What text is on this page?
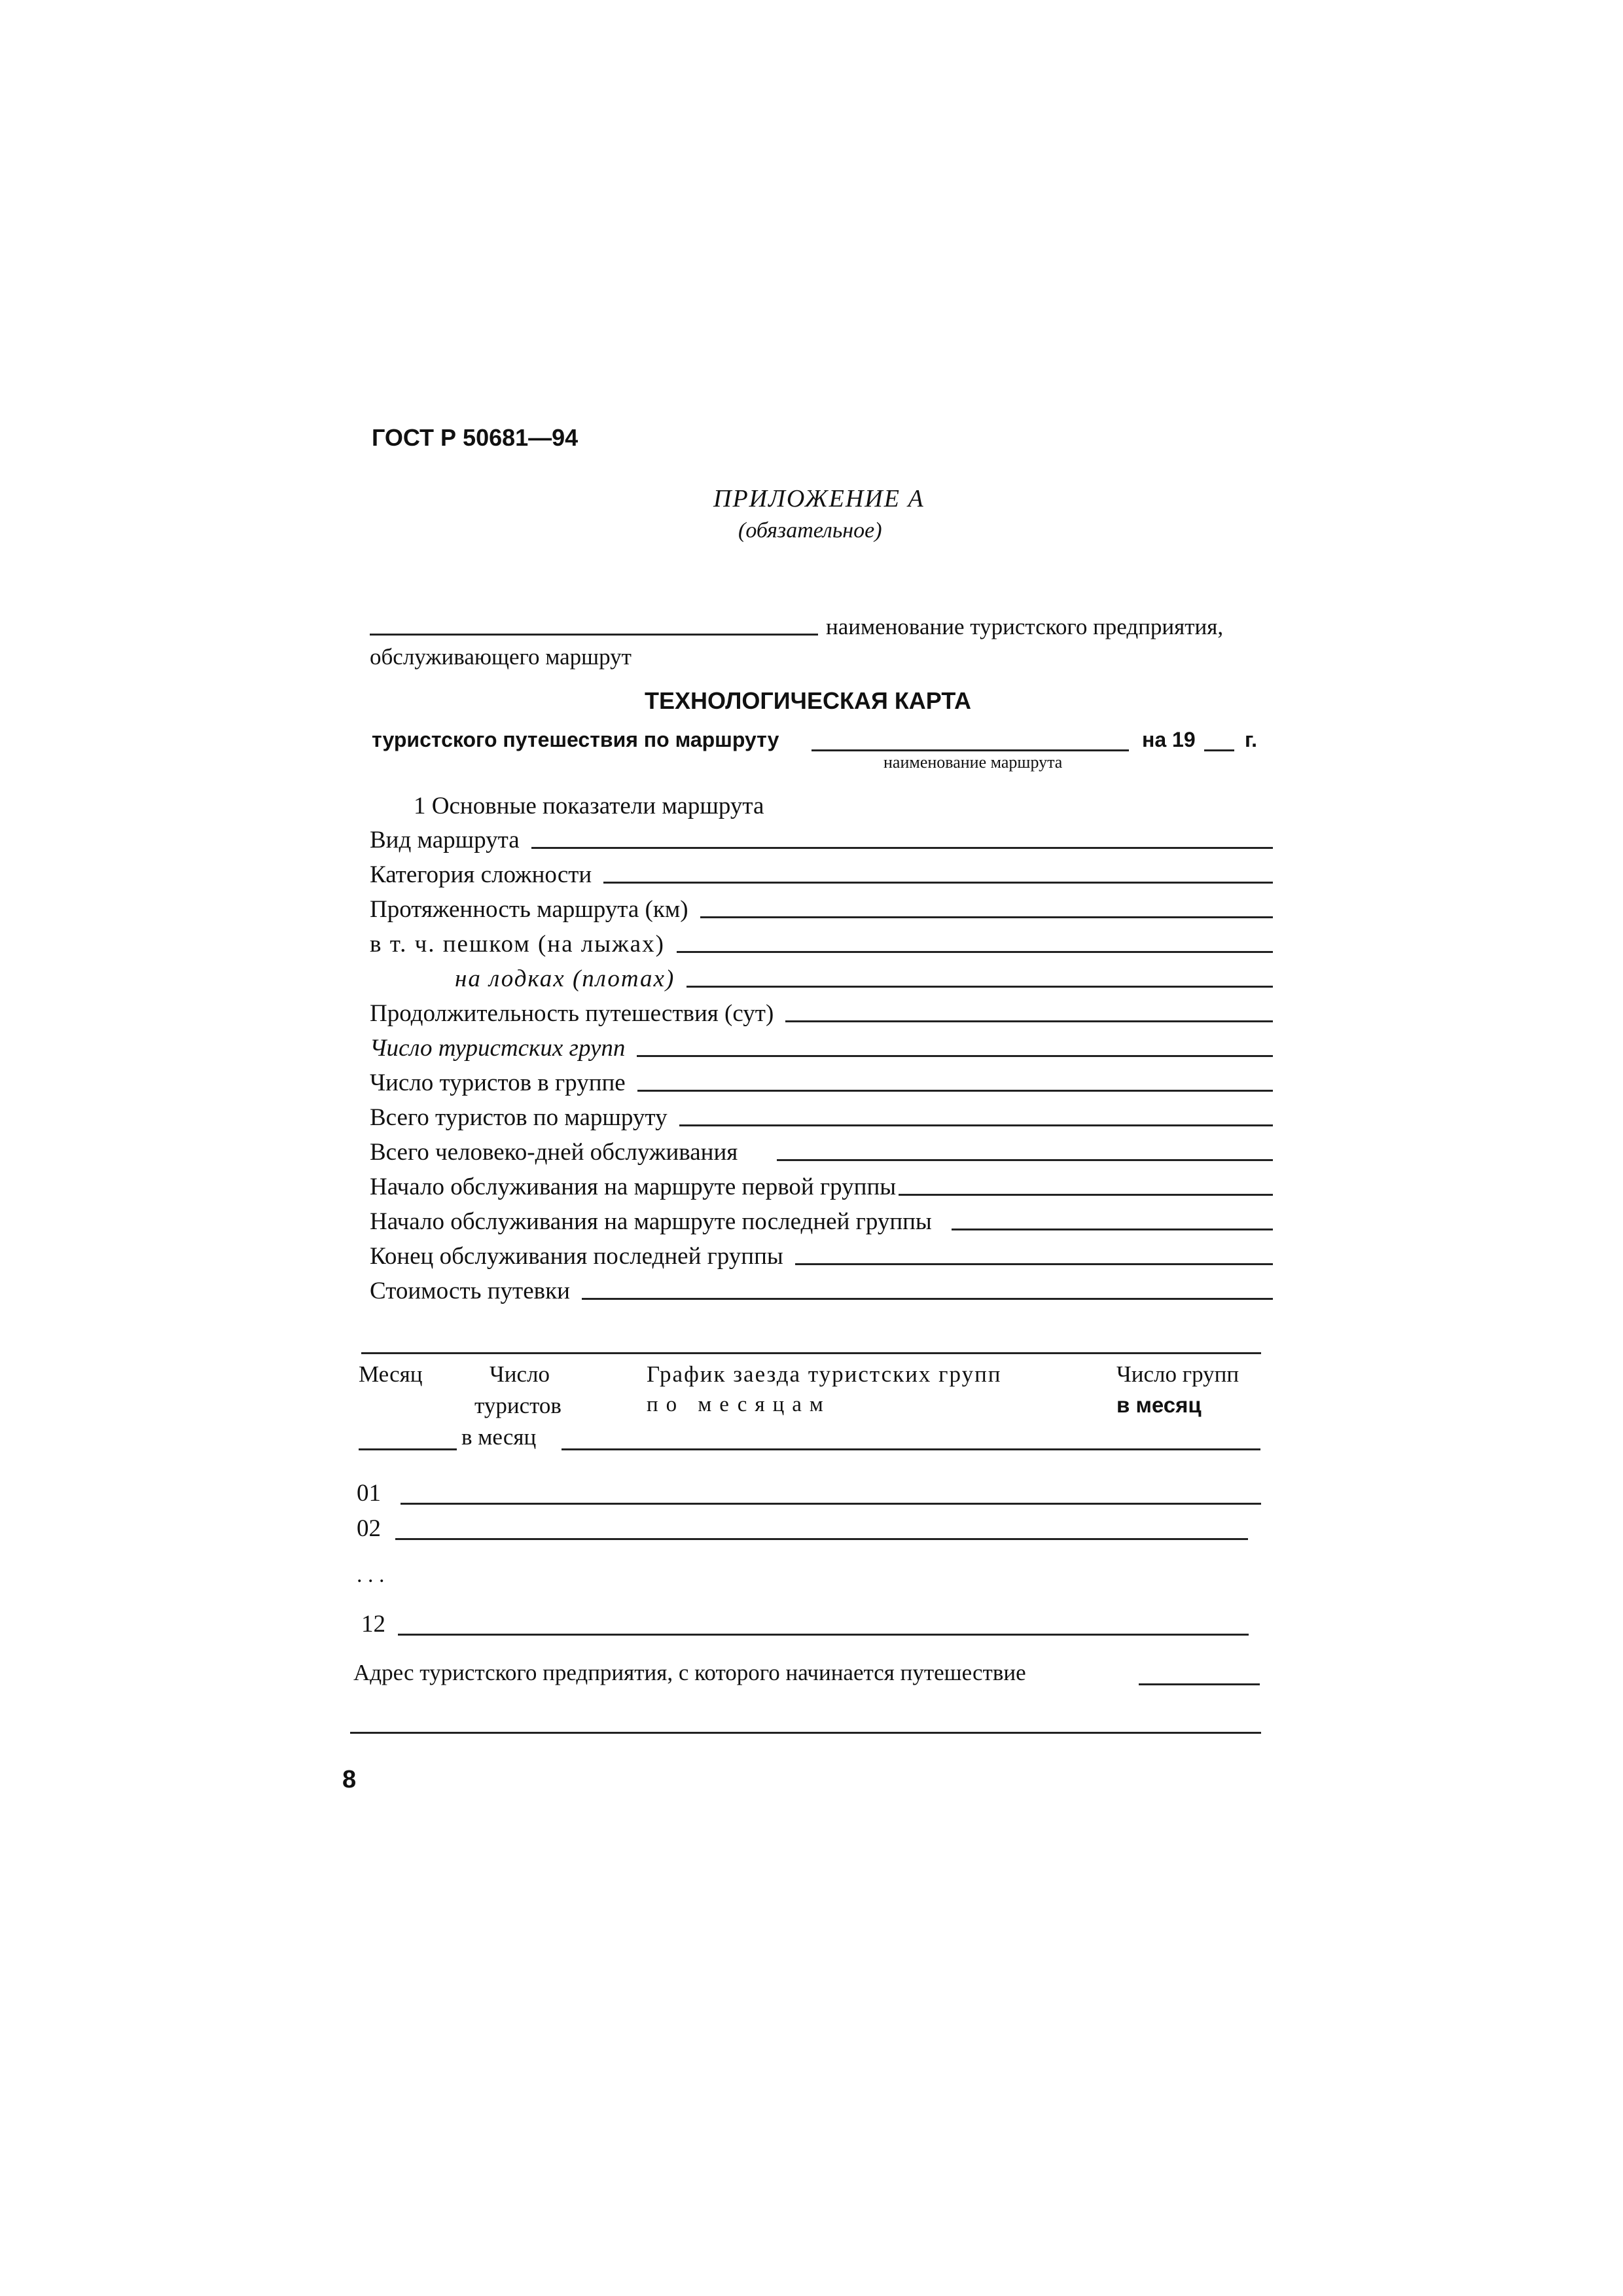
ГОСТ Р 50681—94
ПРИЛОЖЕНИЕ А
(обязательное)
наименование туристского предприятия,
обслуживающего маршрут
ТЕХНОЛОГИЧЕСКАЯ КАРТА
туристского путешествия по маршруту
наименование маршрута
на 19 г.
1 Основные показатели маршрута
Вид маршрута
Категория сложности
Протяженность маршрута (км)
в т. ч. пешком (на лыжах)
на лодках (плотах)
Продолжительность путешествия (сут)
Число туристских групп
Число туристов в группе
Всего туристов по маршруту
Всего человеко-дней обслуживания
Начало обслуживания на маршруте первой группы
Начало обслуживания на маршруте последней группы
Конец обслуживания последней группы
Стоимость путевки
Месяц	Число
туристов
в месяц
График заезда туристских групп
по месяцам
Число групп
в месяц
01
02
. . .
12
Адрес туристского предприятия, с которого начинается путешествие
8
